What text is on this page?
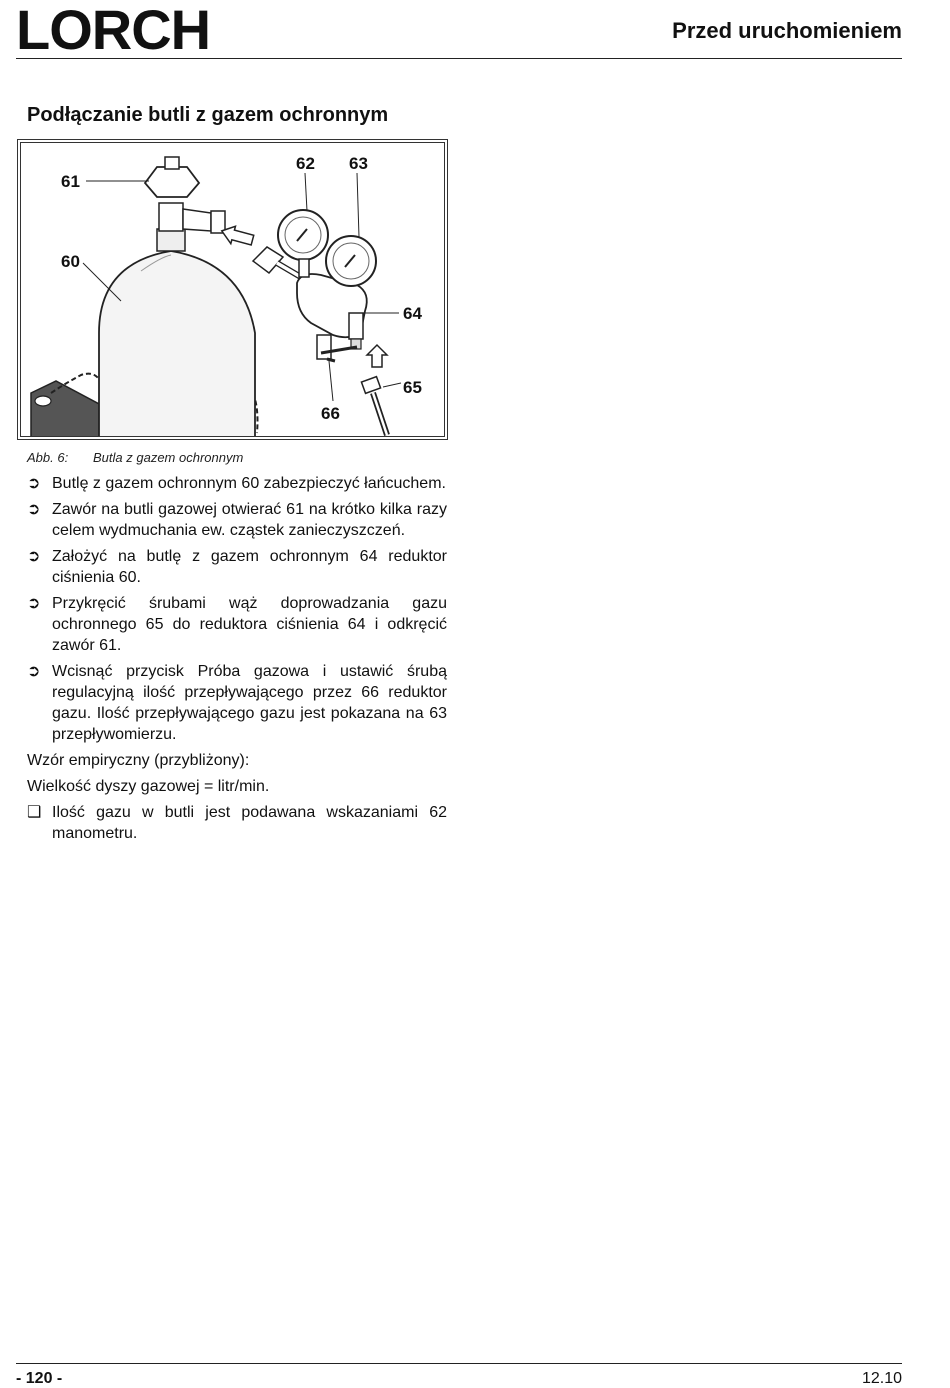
LORCH	Przed uruchomieniem
Podłączanie butli z gazem ochronnym
61
60
62 63
64
65
66
Abb. 6: Butla z gazem ochronnym
➲ Butlę z gazem ochronnym 60 zabezpieczyć łańcuchem.
➲ Zawór na butli gazowej otwierać 61 na krótko kilka razy celem wydmuchania ew. cząstek zanieczyszczeń.
➲ Założyć na butlę z gazem ochronnym 64 reduktor ciśnienia 60.
➲ Przykręcić śrubami wąż doprowadzania gazu ochronnego 65 do reduktora ciśnienia 64 i odkręcić zawór 61.
➲ Wcisnąć przycisk Próba gazowa i ustawić śrubą regulacyjną ilość przepływającego przez 66 reduktor gazu. Ilość przepływającego gazu jest pokazana na 63 przepływomierzu.
Wzór empiryczny (przybliżony):
Wielkość dyszy gazowej = litr/min.
❑ Ilość gazu w butli jest podawana wskazaniami 62 manometru.
- 120 -	12.10
